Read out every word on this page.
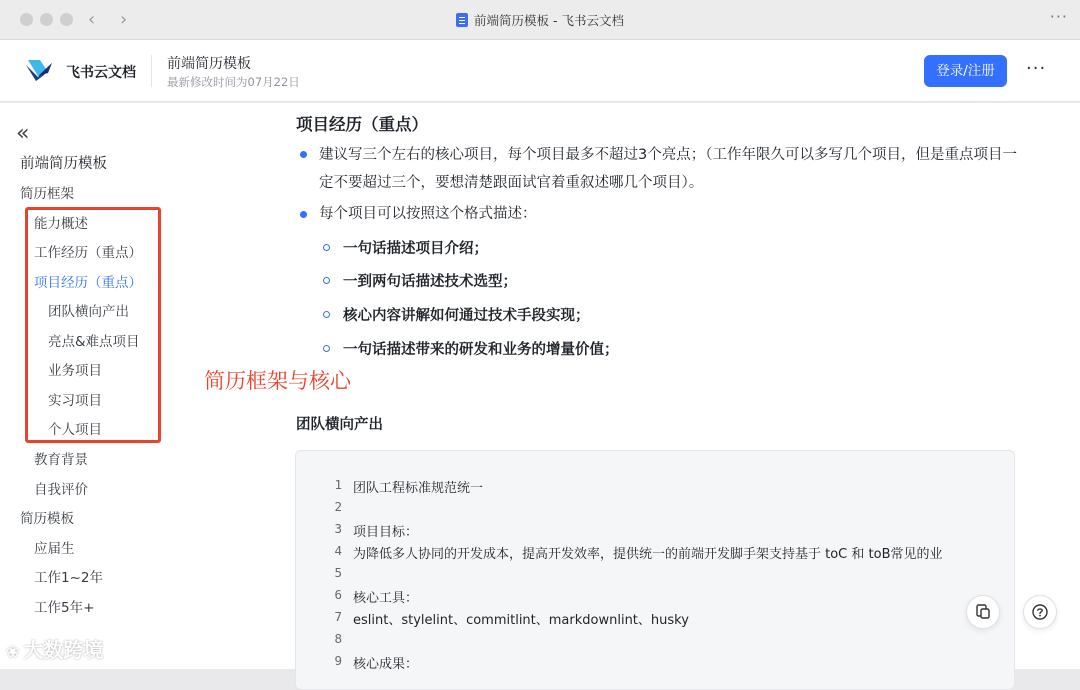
‹ ›	前端简历模板 - 飞书云文档	···
飞书云文档
前端简历模板
最新修改时间为07月22日
登录/注册	···
«
前端简历模板
简历框架
能力概述
工作经历（重点）
项目经历（重点）
团队横向产出
亮点&难点项目
业务项目
实习项目
个人项目
教育背景
自我评价
简历模板
应届生
工作1~2年
工作5年+
项目经历（重点）
建议写三个左右的核心项目，每个项目最多不超过3个亮点；（工作年限久可以多写几个项目，但是重点项目一定不要超过三个，要想清楚跟面试官着重叙述哪几个项目）。
每个项目可以按照这个格式描述：
一句话描述项目介绍；
一到两句话描述技术选型；
核心内容讲解如何通过技术手段实现；
一句话描述带来的研发和业务的增量价值；
简历框架与核心
团队横向产出
1 团队工程标准规范统一
2
3 项目目标：
4 为降低多人协同的开发成本，提高开发效率，提供统一的前端开发脚手架支持基于 toC 和 toB常见的业
5
6 核心工具：
7 eslint、stylelint、commitlint、markdownlint、husky
8
9 核心成果：
❀ 大数跨境
